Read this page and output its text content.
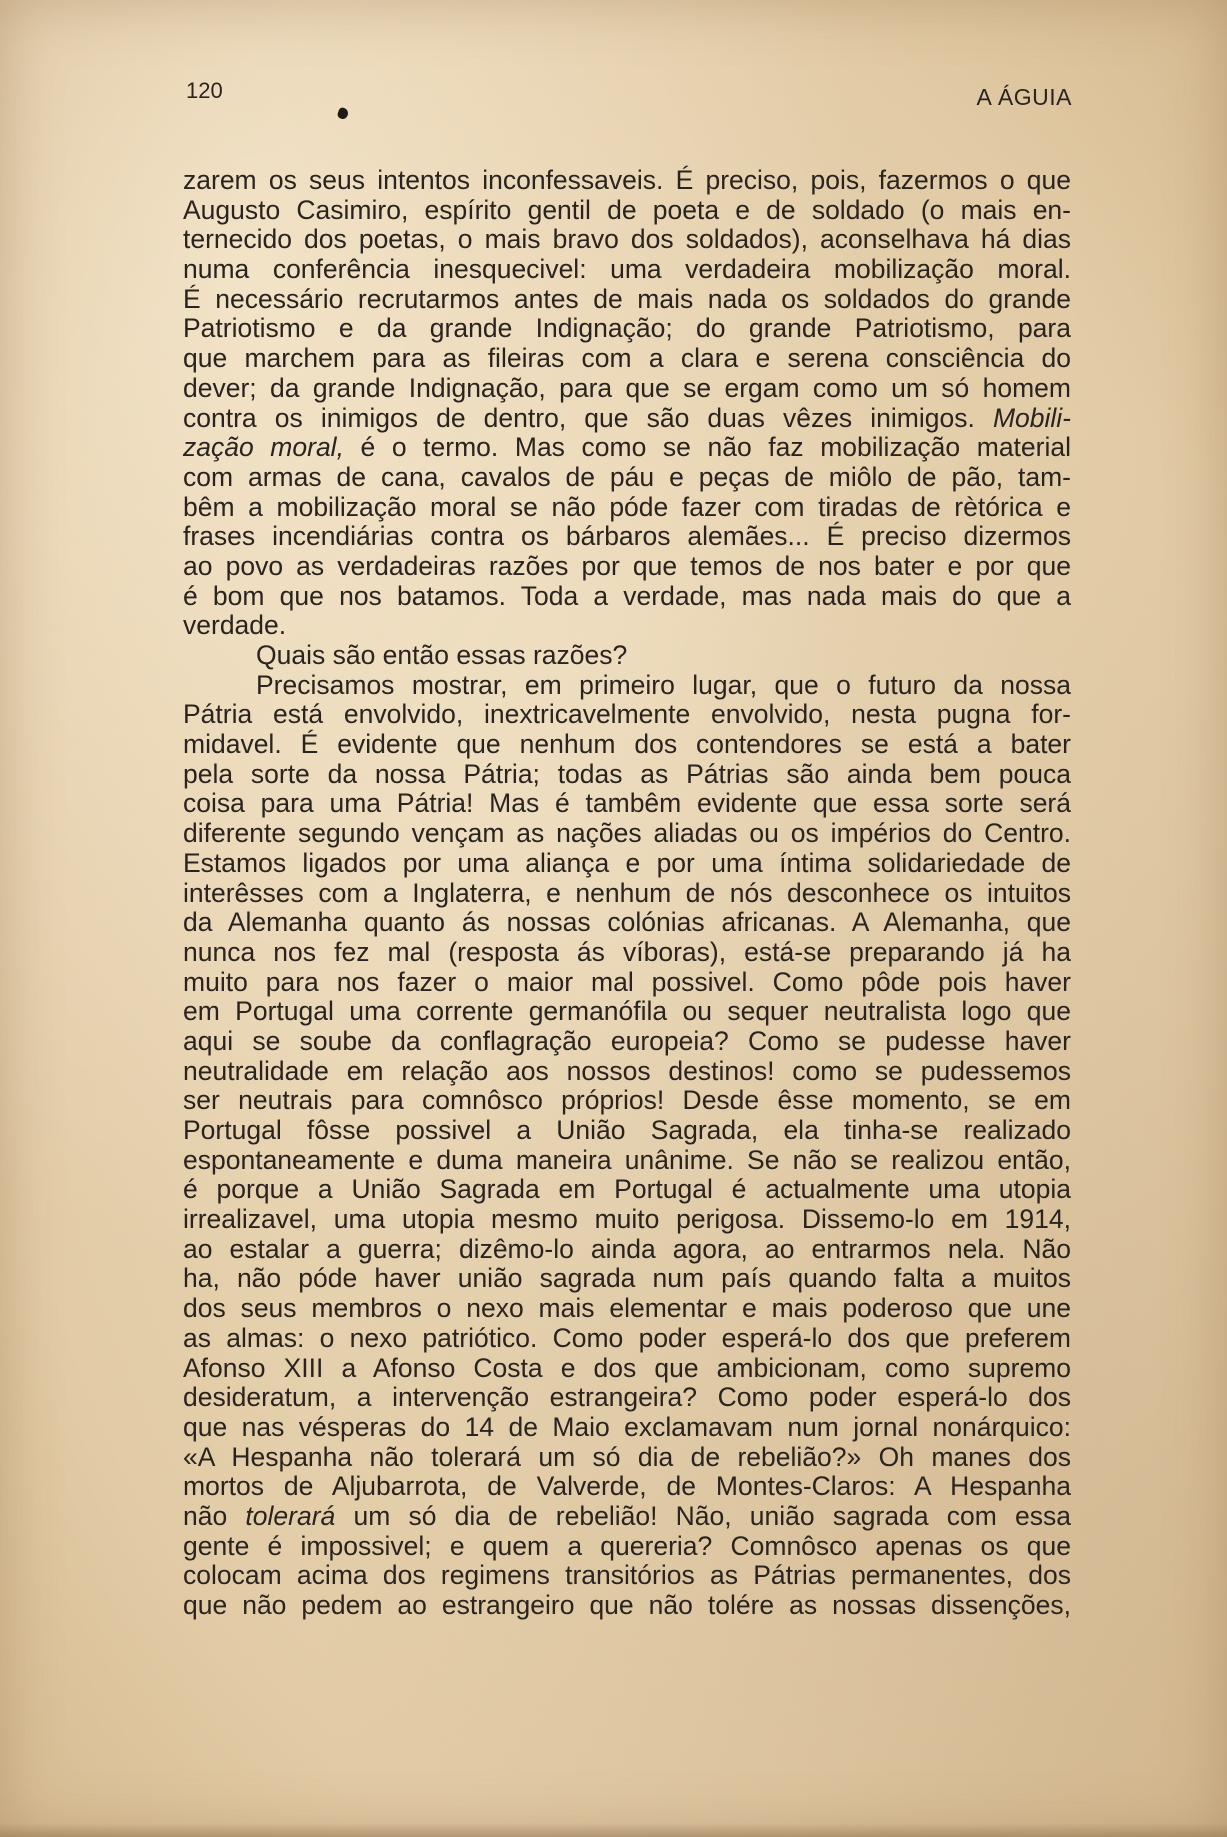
120	A ÁGUIA
zarem os seus intentos inconfessaveis. É preciso, pois, fazermos o que
Augusto Casimiro, espírito gentil de poeta e de soldado (o mais en-
ternecido dos poetas, o mais bravo dos soldados), aconselhava há dias
numa conferência inesquecivel: uma verdadeira mobilização moral.
É necessário recrutarmos antes de mais nada os soldados do grande
Patriotismo e da grande Indignação; do grande Patriotismo, para
que marchem para as fileiras com a clara e serena consciência do
dever; da grande Indignação, para que se ergam como um só homem
contra os inimigos de dentro, que são duas vêzes inimigos. Mobili-
zação moral, é o termo. Mas como se não faz mobilização material
com armas de cana, cavalos de páu e peças de miôlo de pão, tam-
bêm a mobilização moral se não póde fazer com tiradas de rètórica e
frases incendiárias contra os bárbaros alemães... É preciso dizermos
ao povo as verdadeiras razões por que temos de nos bater e por que
é bom que nos batamos. Toda a verdade, mas nada mais do que a
verdade.
Quais são então essas razões?
Precisamos mostrar, em primeiro lugar, que o futuro da nossa
Pátria está envolvido, inextricavelmente envolvido, nesta pugna for-
midavel. É evidente que nenhum dos contendores se está a bater
pela sorte da nossa Pátria; todas as Pátrias são ainda bem pouca
coisa para uma Pátria! Mas é tambêm evidente que essa sorte será
diferente segundo vençam as nações aliadas ou os impérios do Centro.
Estamos ligados por uma aliança e por uma íntima solidariedade de
interêsses com a Inglaterra, e nenhum de nós desconhece os intuitos
da Alemanha quanto ás nossas colónias africanas. A Alemanha, que
nunca nos fez mal (resposta ás víboras), está-se preparando já ha
muito para nos fazer o maior mal possivel. Como pôde pois haver
em Portugal uma corrente germanófila ou sequer neutralista logo que
aqui se soube da conflagração europeia? Como se pudesse haver
neutralidade em relação aos nossos destinos! como se pudessemos
ser neutrais para comnôsco próprios! Desde êsse momento, se em
Portugal fôsse possivel a União Sagrada, ela tinha-se realizado
espontaneamente e duma maneira unânime. Se não se realizou então,
é porque a União Sagrada em Portugal é actualmente uma utopia
irrealizavel, uma utopia mesmo muito perigosa. Dissemo-lo em 1914,
ao estalar a guerra; dizêmo-lo ainda agora, ao entrarmos nela. Não
ha, não póde haver união sagrada num país quando falta a muitos
dos seus membros o nexo mais elementar e mais poderoso que une
as almas: o nexo patriótico. Como poder esperá-lo dos que preferem
Afonso XIII a Afonso Costa e dos que ambicionam, como supremo
desideratum, a intervenção estrangeira? Como poder esperá-lo dos
que nas vésperas do 14 de Maio exclamavam num jornal nonárquico:
«A Hespanha não tolerará um só dia de rebelião?» Oh manes dos
mortos de Aljubarrota, de Valverde, de Montes-Claros: A Hespanha
não tolerará um só dia de rebelião! Não, união sagrada com essa
gente é impossivel; e quem a quereria? Comnôsco apenas os que
colocam acima dos regimens transitórios as Pátrias permanentes, dos
que não pedem ao estrangeiro que não tolére as nossas dissenções,
